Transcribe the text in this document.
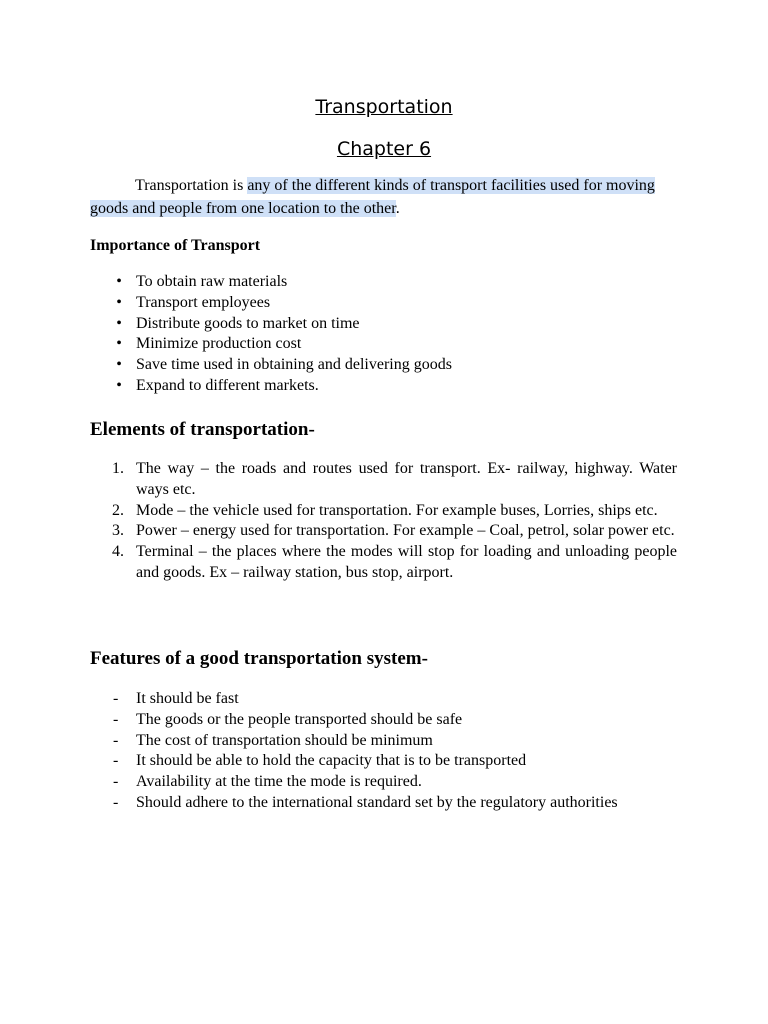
Transportation
Chapter 6

Transportation is any of the different kinds of transport facilities used for moving goods and people from one location to the other.

Importance of Transport

• To obtain raw materials
• Transport employees
• Distribute goods to market on time
• Minimize production cost
• Save time used in obtaining and delivering goods
• Expand to different markets.

Elements of transportation-

1. The way – the roads and routes used for transport. Ex- railway, highway. Water ways etc.
2. Mode – the vehicle used for transportation. For example buses, Lorries, ships etc.
3. Power – energy used for transportation. For example – Coal, petrol, solar power etc.
4. Terminal – the places where the modes will stop for loading and unloading people and goods. Ex – railway station, bus stop, airport.

Features of a good transportation system-

- It should be fast
- The goods or the people transported should be safe
- The cost of transportation should be minimum
- It should be able to hold the capacity that is to be transported
- Availability at the time the mode is required.
- Should adhere to the international standard set by the regulatory authorities
